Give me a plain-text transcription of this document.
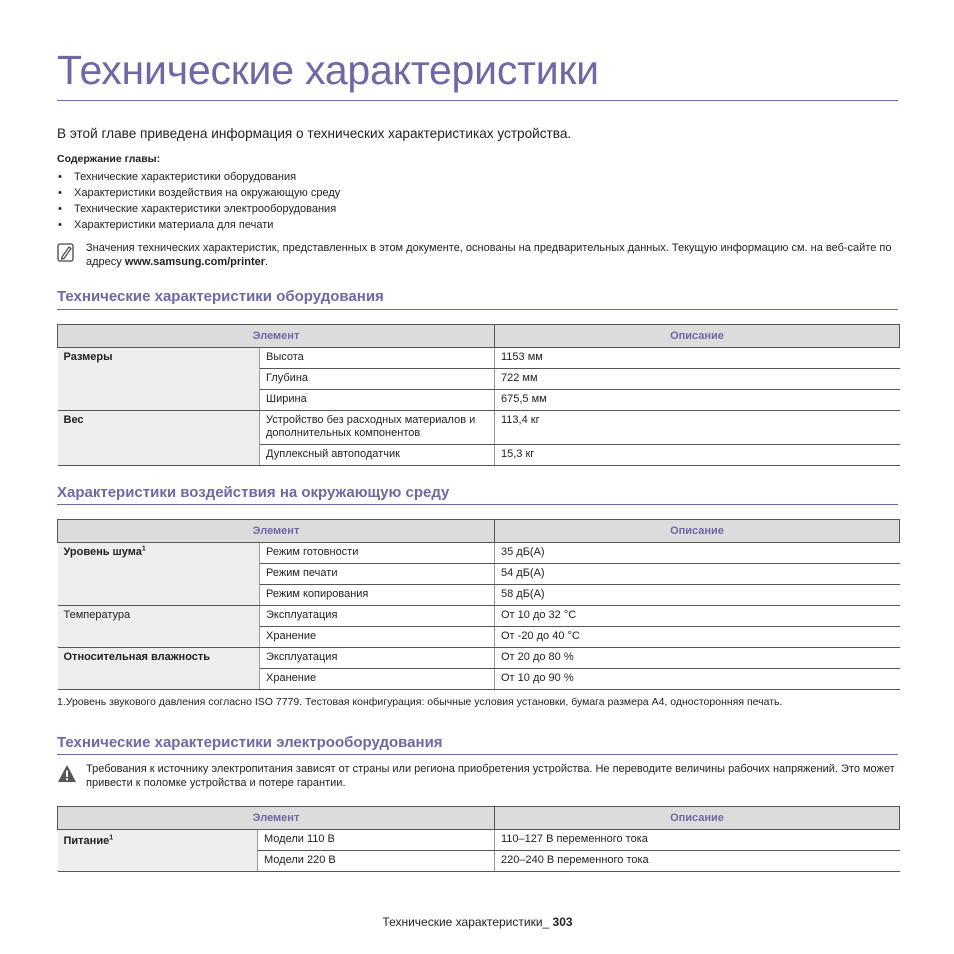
Технические характеристики

В этой главе приведена информация о технических характеристиках устройства.

Содержание главы:

• Технические характеристики оборудования
• Характеристики воздействия на окружающую среду
• Технические характеристики электрооборудования
• Характеристики материала для печати
Значения технических характеристик, представленных в этом документе, основаны на предварительных данных. Текущую информацию см. на веб-сайте по адресу www.samsung.com/printer.
Технические характеристики оборудования
Элемент		Описание
Размеры	Высота	1153 мм
	Глубина	722 мм
	Ширина	675,5 мм
Вес	Устройство без расходных материалов и дополнительных компонентов	113,4 кг
	Дуплексный автоподатчик	15,3 кг
Характеристики воздействия на окружающую среду
Элемент		Описание
Уровень шума$^1$	Режим готовности	35 дБ(А)
	Режим печати	54 дБ(А)
	Режим копирования	58 дБ(А)
Температура	Эксплуатация	От 10 до 32 °С
	Хранение	От -20 до 40 °С
Относительная влажность	Эксплуатация	От 20 до 80 %
	Хранение	От 10 до 90 %
1.Уровень звукового давления согласно ISO 7779. Тестовая конфигурация: обычные условия установки, бумага размера A4, односторонняя печать.
Технические характеристики электрооборудования
Требования к источнику электропитания зависят от страны или региона приобретения устройства. Не переводите величины рабочих напряжений. Это может привести к поломке устройства и потере гарантии.
Элемент		Описание
Питание$^1$	Модели 110 В	110–127 В переменного тока
	Модели 220 В	220–240 В переменного тока
Технические характеристики_ 303
